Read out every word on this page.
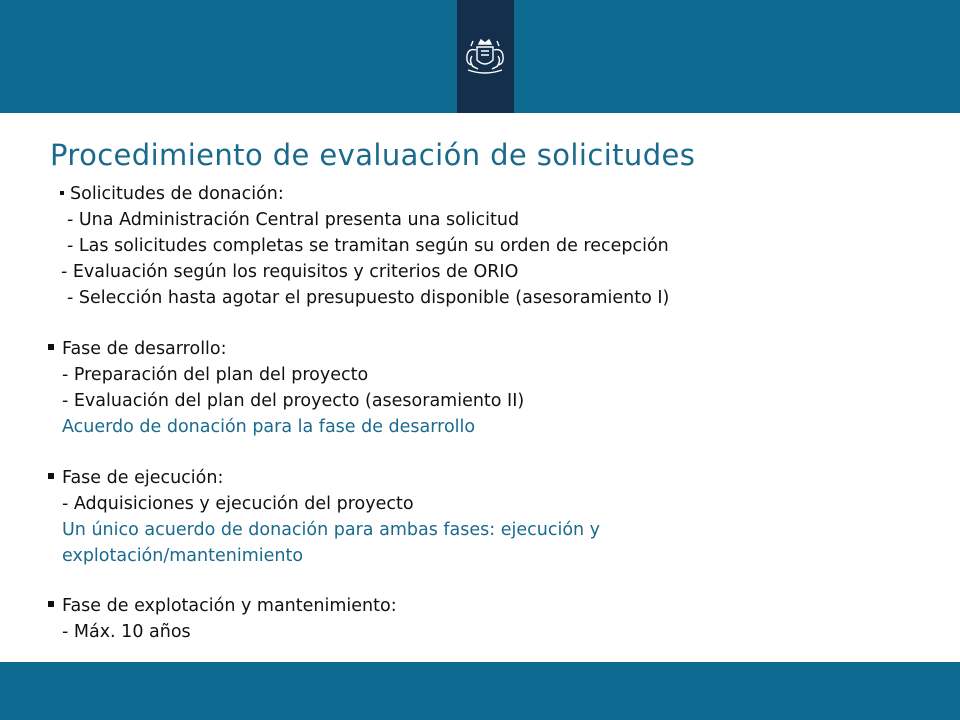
Procedimiento de evaluación de solicitudes
Solicitudes de donación:
- Una Administración Central presenta una solicitud
- Las solicitudes completas se tramitan según su orden de recepción
- Evaluación según los requisitos y criterios de ORIO
- Selección hasta agotar el presupuesto disponible (asesoramiento I)
Fase de desarrollo:
- Preparación del plan del proyecto
- Evaluación del plan del proyecto (asesoramiento II)
Acuerdo de donación para la fase de desarrollo
Fase de ejecución:
- Adquisiciones y ejecución del proyecto
Un único acuerdo de donación para ambas fases: ejecución y
explotación/mantenimiento
Fase de explotación y mantenimiento:
- Máx. 10 años
